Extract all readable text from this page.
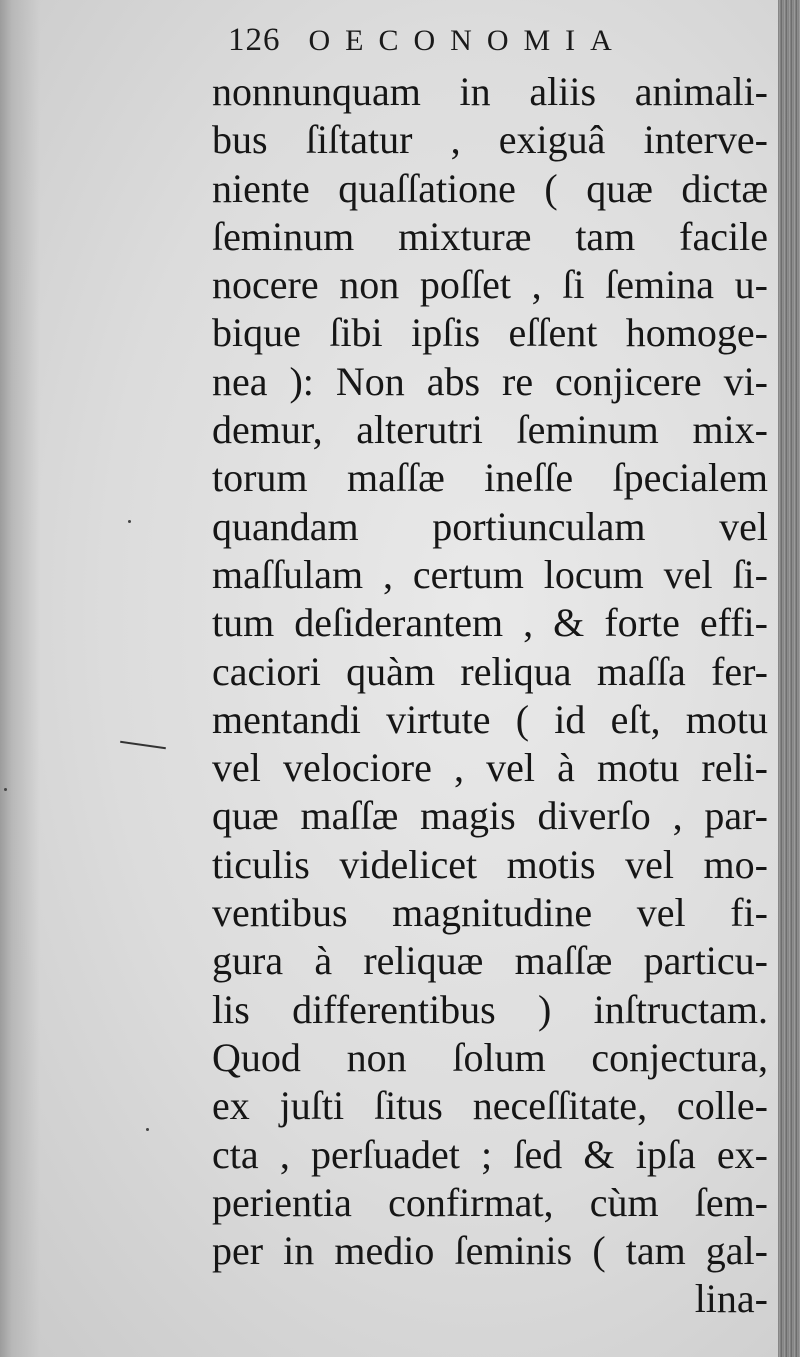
126 OECONOMIA
nonnunquam in aliis animali-
bus ſiſtatur , exiguâ interve-
niente quaſſatione ( quæ dictæ
ſeminum mixturæ tam facile
nocere non poſſet , ſi ſemina u-
bique ſibi ipſis eſſent homoge-
nea ): Non abs re conjicere vi-
demur, alterutri ſeminum mix-
torum maſſæ ineſſe ſpecialem
quandam portiunculam vel
maſſulam , certum locum vel ſi-
tum deſiderantem , & forte effi-
caciori quàm reliqua maſſa fer-
mentandi virtute ( id eſt, motu
vel velociore , vel à motu reli-
quæ maſſæ magis diverſo , par-
ticulis videlicet motis vel mo-
ventibus magnitudine vel fi-
gura à reliquæ maſſæ particu-
lis differentibus ) inſtructam.
Quod non ſolum conjectura,
ex juſti ſitus neceſſitate, colle-
cta , perſuadet ; ſed & ipſa ex-
perientia confirmat, cùm ſem-
per in medio ſeminis ( tam gal-
lina-
